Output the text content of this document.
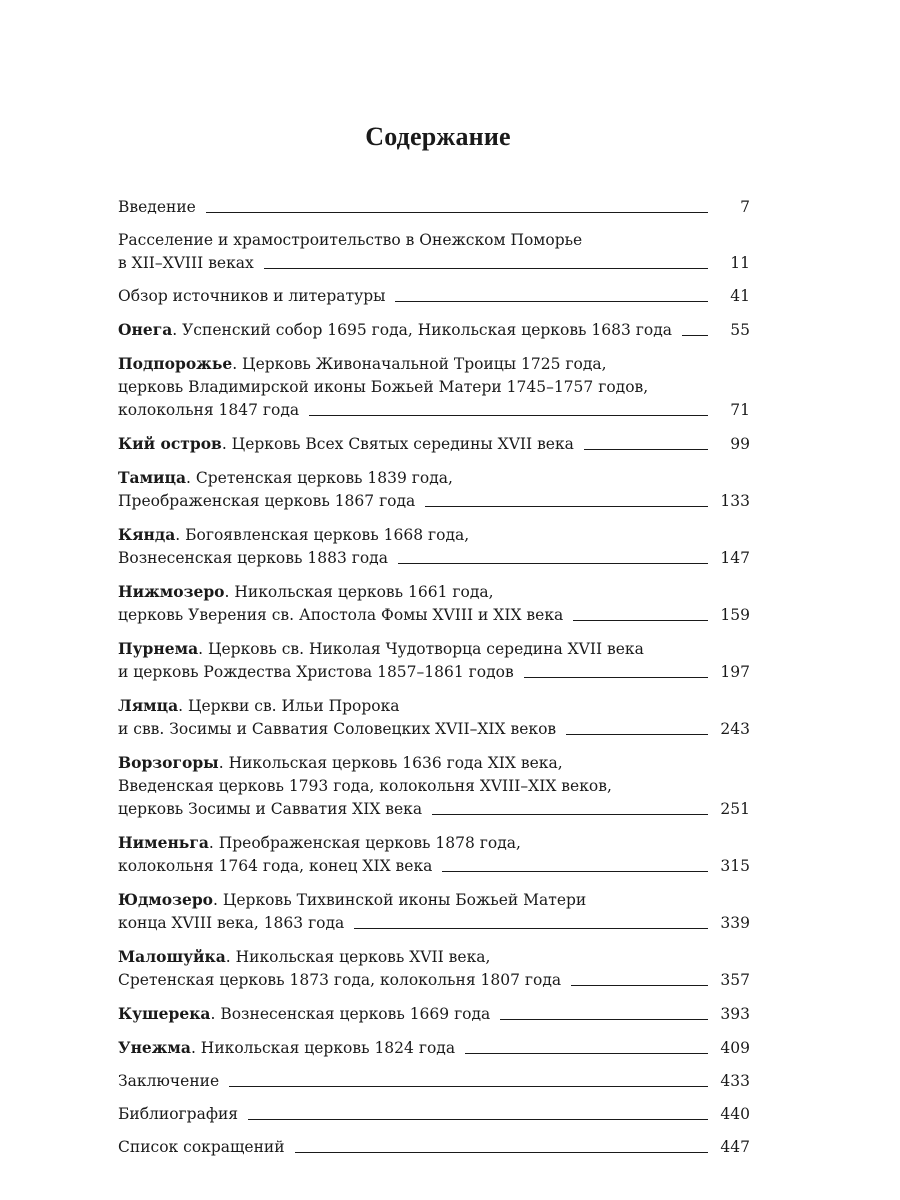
Содержание
Введение	7
Расселение и храмостроительство в Онежском Поморье
в XII–XVIII веках	11
Обзор источников и литературы	41
Онега. Успенский собор 1695 года, Никольская церковь 1683 года	55
Подпорожье. Церковь Живоначальной Троицы 1725 года,
церковь Владимирской иконы Божьей Матери 1745–1757 годов,
колокольня 1847 года	71
Кий остров. Церковь Всех Святых середины XVII века	99
Тамица. Сретенская церковь 1839 года,
Преображенская церковь 1867 года	133
Кянда. Богоявленская церковь 1668 года,
Вознесенская церковь 1883 года	147
Нижмозеро. Никольская церковь 1661 года,
церковь Уверения св. Апостола Фомы XVIII и XIX века	159
Пурнема. Церковь св. Николая Чудотворца середина XVII века
и церковь Рождества Христова 1857–1861 годов	197
Лямца. Церкви св. Ильи Пророка
и свв. Зосимы и Савватия Соловецких XVII–XIX веков	243
Ворзогоры. Никольская церковь 1636 года XIX века,
Введенская церковь 1793 года, колокольня XVIII–XIX веков,
церковь Зосимы и Савватия XIX века	251
Нименьга. Преображенская церковь 1878 года,
колокольня 1764 года, конец XIX века	315
Юдмозеро. Церковь Тихвинской иконы Божьей Матери
конца XVIII века, 1863 года	339
Малошуйка. Никольская церковь XVII века,
Сретенская церковь 1873 года, колокольня 1807 года	357
Кушерека. Вознесенская церковь 1669 года	393
Унежма. Никольская церковь 1824 года	409
Заключение	433
Библиография	440
Список сокращений	447
